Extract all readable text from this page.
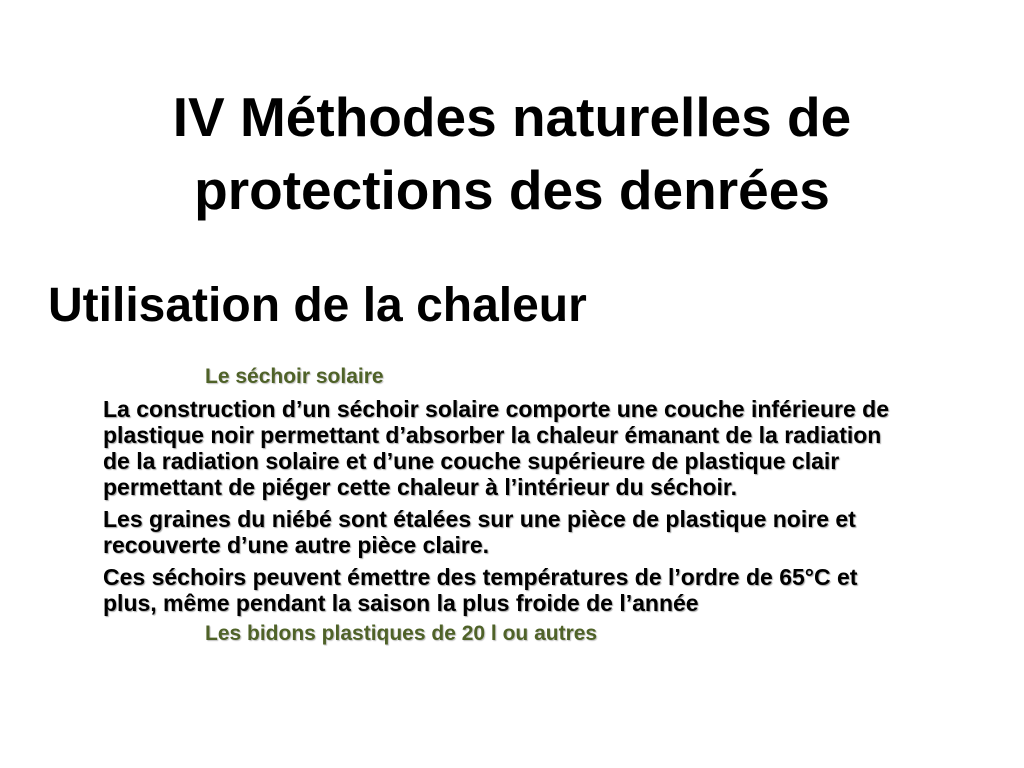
IV Méthodes naturelles de
protections des denrées
Utilisation de la chaleur
Le séchoir solaire
La construction d’un séchoir solaire comporte une couche inférieure de
plastique noir permettant d’absorber la chaleur émanant de la radiation
de la radiation solaire et d’une couche supérieure de plastique clair
permettant de piéger cette chaleur à l’intérieur du séchoir.
Les graines du niébé sont étalées sur une pièce de plastique noire et
recouverte d’une autre pièce claire.
Ces séchoirs peuvent émettre des températures de l’ordre de 65°C et
plus, même pendant la saison la plus froide de l’année
Les bidons plastiques de 20 l ou autres
